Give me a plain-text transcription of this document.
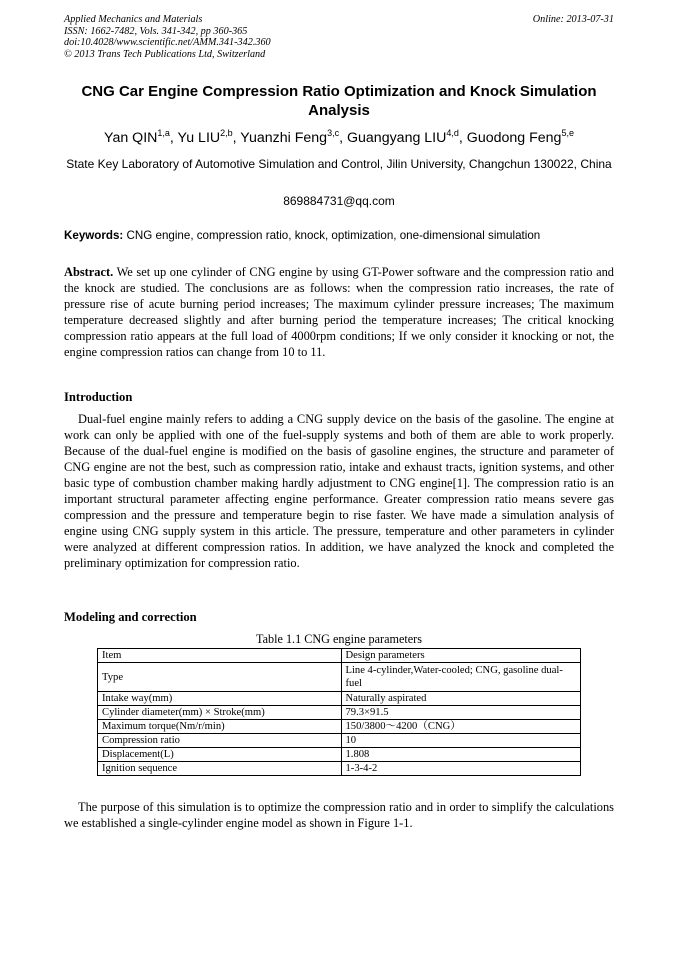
Applied Mechanics and Materials
ISSN: 1662-7482, Vols. 341-342, pp 360-365
doi:10.4028/www.scientific.net/AMM.341-342.360
© 2013 Trans Tech Publications Ltd, Switzerland
Online: 2013-07-31
CNG Car Engine Compression Ratio Optimization and Knock Simulation Analysis
Yan QIN$^{1,a}$, Yu LIU$^{2,b}$, Yuanzhi Feng$^{3,c}$, Guangyang LIU$^{4,d}$, Guodong Feng$^{5,e}$
State Key Laboratory of Automotive Simulation and Control, Jilin University, Changchun 130022, China
869884731@qq.com
Keywords: CNG engine, compression ratio, knock, optimization, one-dimensional simulation
Abstract. We set up one cylinder of CNG engine by using GT-Power software and the compression ratio and the knock are studied. The conclusions are as follows: when the compression ratio increases, the rate of pressure rise of acute burning period increases; The maximum cylinder pressure increases; The maximum temperature decreased slightly and after burning period the temperature increases; The critical knocking compression ratio appears at the full load of 4000rpm conditions; If we only consider it knocking or not, the engine compression ratios can change from 10 to 11.
Introduction
Dual-fuel engine mainly refers to adding a CNG supply device on the basis of the gasoline. The engine at work can only be applied with one of the fuel-supply systems and both of them are able to work properly. Because of the dual-fuel engine is modified on the basis of gasoline engines, the structure and parameter of CNG engine are not the best, such as compression ratio, intake and exhaust tracts, ignition systems, and other basic type of combustion chamber making hardly adjustment to CNG engine[1]. The compression ratio is an important structural parameter affecting engine performance. Greater compression ratio means severe gas compression and the pressure and temperature begin to rise faster. We have made a simulation analysis of engine using CNG supply system in this article. The pressure, temperature and other parameters in cylinder were analyzed at different compression ratios. In addition, we have analyzed the knock and completed the preliminary optimization for compression ratio.
Modeling and correction
Table 1.1 CNG engine parameters
Item	Design parameters
Type	Line 4-cylinder,Water-cooled; CNG, gasoline dual-fuel
Intake way(mm)	Naturally aspirated
Cylinder diameter(mm) × Stroke(mm)	79.3×91.5
Maximum torque(Nm/r/min)	150/3800～4200（CNG）
Compression ratio	10
Displacement(L)	1.808
Ignition sequence	1-3-4-2
The purpose of this simulation is to optimize the compression ratio and in order to simplify the calculations we established a single-cylinder engine model as shown in Figure 1-1.
